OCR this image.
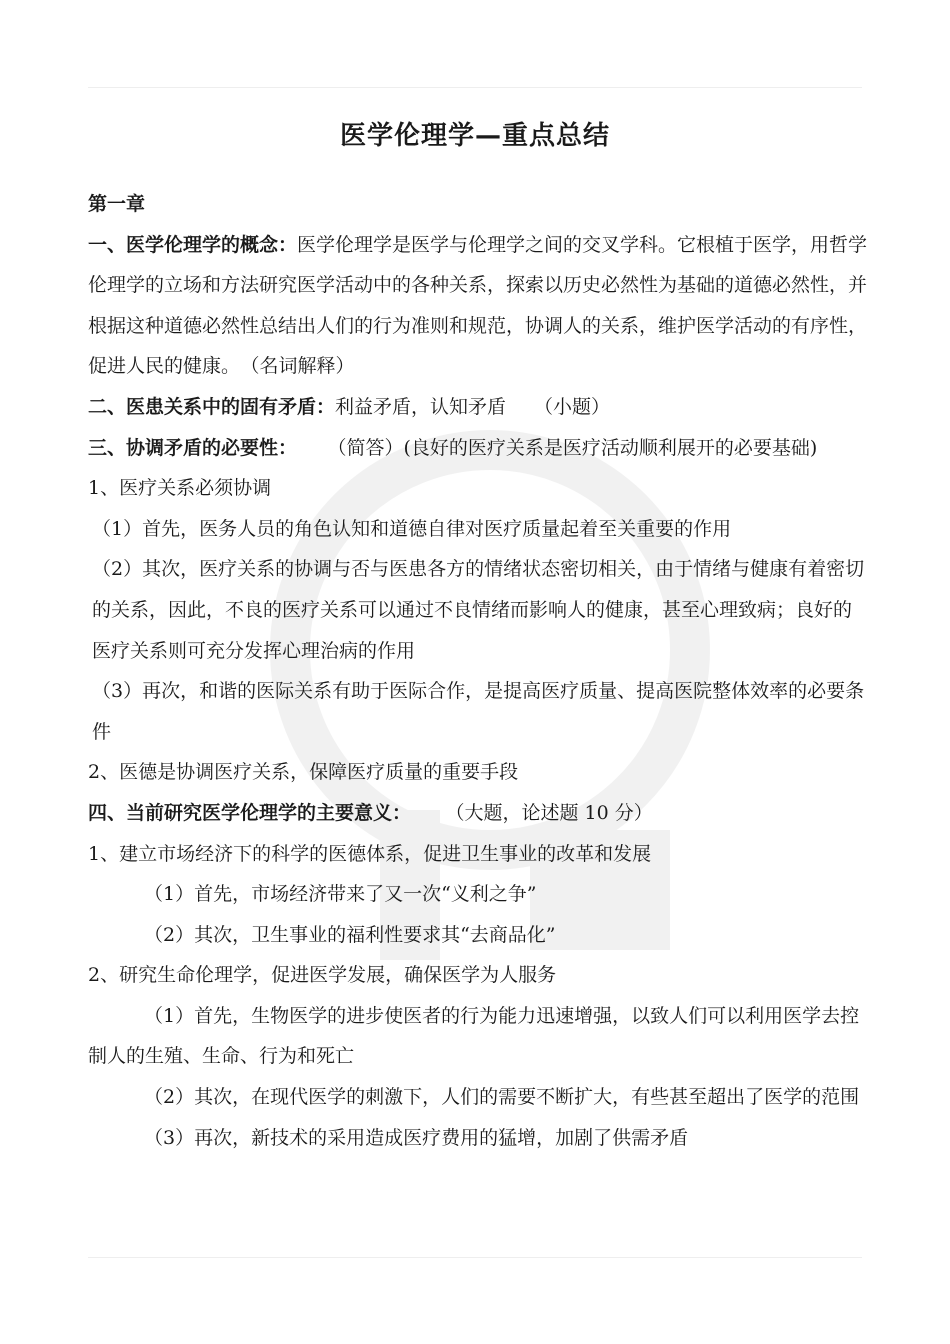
医学伦理学—重点总结

第一章

一、医学伦理学的概念：医学伦理学是医学与伦理学之间的交叉学科。它根植于医学，用哲学伦理学的立场和方法研究医学活动中的各种关系，探索以历史必然性为基础的道德必然性，并根据这种道德必然性总结出人们的行为准则和规范，协调人的关系，维护医学活动的有序性，促进人民的健康。 （名词解释）

二、医患关系中的固有矛盾：利益矛盾，认知矛盾 （小题）

三、协调矛盾的必要性： （简答）(良好的医疗关系是医疗活动顺利展开的必要基础)

1、医疗关系必须协调

（1）首先，医务人员的角色认知和道德自律对医疗质量起着至关重要的作用

（2）其次，医疗关系的协调与否与医患各方的情绪状态密切相关，由于情绪与健康有着密切的关系，因此，不良的医疗关系可以通过不良情绪而影响人的健康，甚至心理致病；良好的医疗关系则可充分发挥心理治病的作用

（3）再次，和谐的医际关系有助于医际合作，是提高医疗质量、提高医院整体效率的必要条件

2、医德是协调医疗关系，保障医疗质量的重要手段

四、当前研究医学伦理学的主要意义： （大题，论述题 10 分）

1、建立市场经济下的科学的医德体系，促进卫生事业的改革和发展

（1）首先，市场经济带来了又一次“义利之争”

（2）其次，卫生事业的福利性要求其“去商品化”

2、研究生命伦理学，促进医学发展，确保医学为人服务

（1）首先，生物医学的进步使医者的行为能力迅速增强，以致人们可以利用医学去控制人的生殖、生命、行为和死亡

（2）其次，在现代医学的刺激下，人们的需要不断扩大，有些甚至超出了医学的范围

（3）再次，新技术的采用造成医疗费用的猛增，加剧了供需矛盾
